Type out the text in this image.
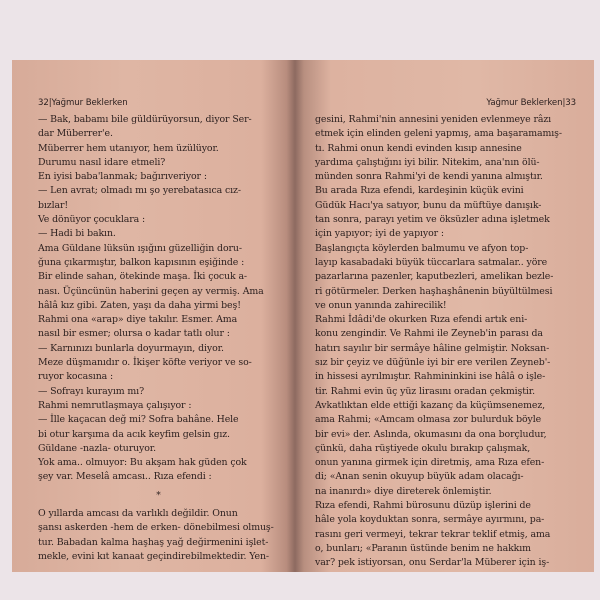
32|Yağmur Beklerken
— Bak, babamı bile güldürüyorsun, diyor Ser-
dar Müberrer'e.
Müberrer hem utanıyor, hem üzülüyor.
Durumu nasıl idare etmeli?
En iyisi baba'lanmak; bağırıveriyor :
— Len avrat; olmadı mı şo yerebatasıca cız-
bızlar!
Ve dönüyor çocuklara :
— Hadi bi bakın.
Ama Güldane lüksün ışığını güzelliğin doru-
ğuna çıkarmıştır, balkon kapısının eşiğinde :
Bir elinde sahan, ötekinde maşa. İki çocuk a-
nası. Üçüncünün haberini geçen ay vermiş. Ama
hâlâ kız gibi. Zaten, yaşı da daha yirmi beş!
Rahmi ona «arap» diye takılır. Esmer. Ama
nasıl bir esmer; olursa o kadar tatlı olur :
— Karnınızı bunlarla doyurmayın, diyor.
Meze düşmanıdır o. İkişer köfte veriyor ve so-
ruyor kocasına :
— Sofrayı kurayım mı?
Rahmi nemrutlaşmaya çalışıyor :
— İlle kaçacan değ mi? Sofra bahâne. Hele
bi otur karşıma da acık keyfim gelsin gız.
Güldane -nazla- oturuyor.
Yok ama.. olmuyor: Bu akşam hak güden çok
şey var. Meselâ amcası.. Rıza efendi :
*
O yıllarda amcası da varlıklı değildir. Onun
şansı askerden -hem de erken- dönebilmesi olmuş-
tur. Babadan kalma haşhaş yağ değirmenini işlet-
mekle, evini kıt kanaat geçindirebilmektedir. Yen-
Yağmur Beklerken|33
gesini, Rahmi'nin annesini yeniden evlenmeye râzı
etmek için elinden geleni yapmış, ama başaramamış-
tı. Rahmi onun kendi evinden kısıp annesine
yardıma çalıştığını iyi bilir. Nitekim, ana'nın ölü-
münden sonra Rahmi'yi de kendi yanına almıştır.
Bu arada Rıza efendi, kardeşinin küçük evini
Güdük Hacı'ya satıyor, bunu da müftüye danışık-
tan sonra, parayı yetim ve öksüzler adına işletmek
için yapıyor; iyi de yapıyor :
Başlangıçta köylerden balmumu ve afyon top-
layıp kasabadaki büyük tüccarlara satmalar.. yöre
pazarlarına pazenler, kaputbezleri, amelikan bezle-
ri götürmeler. Derken haşhaşhânenin büyültülmesi
ve onun yanında zahirecilik!
Rahmi İdâdi'de okurken Rıza efendi artık eni-
konu zengindir. Ve Rahmi ile Zeyneb'in parası da
hatırı sayılır bir sermâye hâline gelmiştir. Noksan-
sız bir çeyiz ve düğünle iyi bir ere verilen Zeyneb'-
in hissesi ayrılmıştır. Rahmininkini ise hâlâ o işle-
tir. Rahmi evin üç yüz lirasını oradan çekmiştir.
Avkatlıktan elde ettiği kazanç da küçümsenemez,
ama Rahmi; «Amcam olmasa zor bulurduk böyle
bir evi» der. Aslında, okumasını da ona borçludur,
çünkü, daha rüştiyede okulu bırakıp çalışmak,
onun yanına girmek için diretmiş, ama Rıza efen-
di; «Anan senin okuyup büyük adam olacağı-
na inanırdı» diye direterek önlemiştir.
Rıza efendi, Rahmi bürosunu düzüp işlerini de
hâle yola koyduktan sonra, sermâye ayırmını, pa-
rasını geri vermeyi, tekrar tekrar teklif etmiş, ama
o, bunları; «Paranın üstünde benim ne hakkım
var? pek istiyorsan, onu Serdar'la Müberer için iş-
